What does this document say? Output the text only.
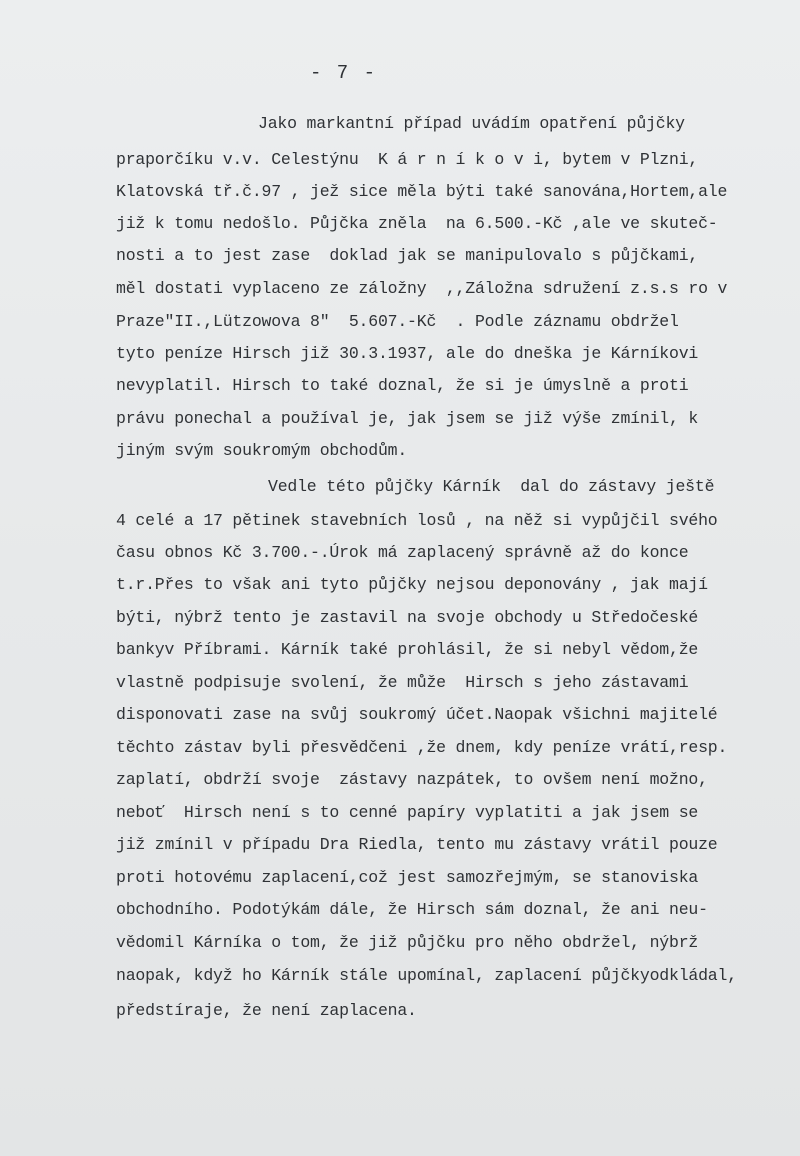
- 7 -
Jako markantní případ uvádím opatření půjčky
praporčíku v.v. Celestýnu  K á r n í k o v i, bytem v Plzni,
Klatovská tř.č.97 , jež sice měla býti také sanována,Hortem,ale
již k tomu nedošlo. Půjčka zněla  na 6.500.-Kč ,ale ve skuteč-
nosti a to jest zase  doklad jak se manipulovalo s půjčkami,
měl dostati vyplaceno ze záložny  ,,Záložna sdružení z.s.s ro v
Praze"II.,Lützowova 8"  5.607.-Kč  . Podle záznamu obdržel
tyto peníze Hirsch již 30.3.1937, ale do dneška je Kárníkovi
nevyplatil. Hirsch to také doznal, že si je úmyslně a proti
právu ponechal a používal je, jak jsem se již výše zmínil, k
jiným svým soukromým obchodům.
Vedle této půjčky Kárník  dal do zástavy ještě
4 celé a 17 pětinek stavebních losů , na něž si vypůjčil svého
času obnos Kč 3.700.-.Úrok má zaplacený správně až do konce
t.r.Přes to však ani tyto půjčky nejsou deponovány , jak mají
býti, nýbrž tento je zastavil na svoje obchody u Středočeské
bankyv Příbrami. Kárník také prohlásil, že si nebyl vědom,že
vlastně podpisuje svolení, že může  Hirsch s jeho zástavami
disponovati zase na svůj soukromý účet.Naopak všichni majitelé
těchto zástav byli přesvědčeni ,že dnem, kdy peníze vrátí,resp.
zaplatí, obdrží svoje  zástavy nazpátek, to ovšem není možno,
neboť  Hirsch není s to cenné papíry vyplatiti a jak jsem se
již zmínil v případu Dra Riedla, tento mu zástavy vrátil pouze
proti hotovému zaplacení,což jest samozřejmým, se stanoviska
obchodního. Podotýkám dále, že Hirsch sám doznal, že ani neu-
vědomil Kárníka o tom, že již půjčku pro něho obdržel, nýbrž
naopak, když ho Kárník stále upomínal, zaplacení půjčkyodkládal,
předstíraje, že není zaplacena.
